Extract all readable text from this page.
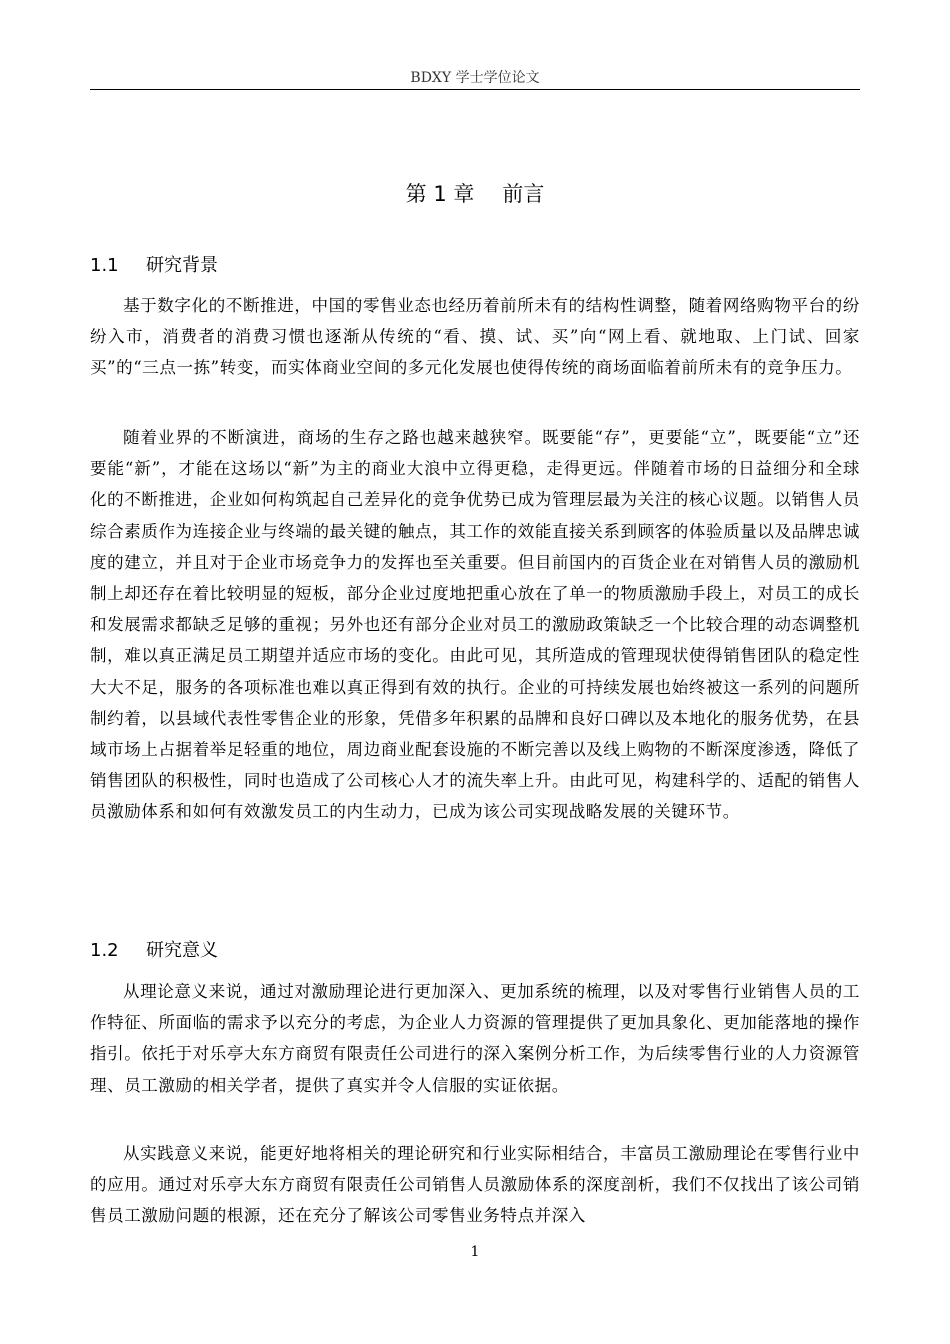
BDXY 学士学位论文
第 1 章 前言
1.1 研究背景

基于数字化的不断推进，中国的零售业态也经历着前所未有的结构性调整，随着网络购物平台的纷纷入市，消费者的消费习惯也逐渐从传统的“看、摸、试、买”向“网上看、就地取、上门试、回家买”的“三点一拣”转变，而实体商业空间的多元化发展也使得传统的商场面临着前所未有的竞争压力。

随着业界的不断演进，商场的生存之路也越来越狭窄。既要能“存”，更要能“立”，既要能“立”还要能“新”，才能在这场以“新”为主的商业大浪中立得更稳，走得更远。伴随着市场的日益细分和全球化的不断推进，企业如何构筑起自己差异化的竞争优势已成为管理层最为关注的核心议题。以销售人员综合素质作为连接企业与终端的最关键的触点，其工作的效能直接关系到顾客的体验质量以及品牌忠诚度的建立，并且对于企业市场竞争力的发挥也至关重要。但目前国内的百货企业在对销售人员的激励机制上却还存在着比较明显的短板，部分企业过度地把重心放在了单一的物质激励手段上，对员工的成长和发展需求都缺乏足够的重视；另外也还有部分企业对员工的激励政策缺乏一个比较合理的动态调整机制，难以真正满足员工期望并适应市场的变化。由此可见，其所造成的管理现状使得销售团队的稳定性大大不足，服务的各项标准也难以真正得到有效的执行。企业的可持续发展也始终被这一系列的问题所制约着，以县域代表性零售企业的形象，凭借多年积累的品牌和良好口碑以及本地化的服务优势，在县域市场上占据着举足轻重的地位，周边商业配套设施的不断完善以及线上购物的不断深度渗透，降低了销售团队的积极性，同时也造成了公司核心人才的流失率上升。由此可见，构建科学的、适配的销售人员激励体系和如何有效激发员工的内生动力，已成为该公司实现战略发展的关键环节。

1.2 研究意义

从理论意义来说，通过对激励理论进行更加深入、更加系统的梳理，以及对零售行业销售人员的工作特征、所面临的需求予以充分的考虑，为企业人力资源的管理提供了更加具象化、更加能落地的操作指引。依托于对乐亭大东方商贸有限责任公司进行的深入案例分析工作，为后续零售行业的人力资源管理、员工激励的相关学者，提供了真实并令人信服的实证依据。

从实践意义来说，能更好地将相关的理论研究和行业实际相结合，丰富员工激励理论在零售行业中的应用。通过对乐亭大东方商贸有限责任公司销售人员激励体系的深度剖析，我们不仅找出了该公司销售员工激励问题的根源，还在充分了解该公司零售业务特点并深入

1
